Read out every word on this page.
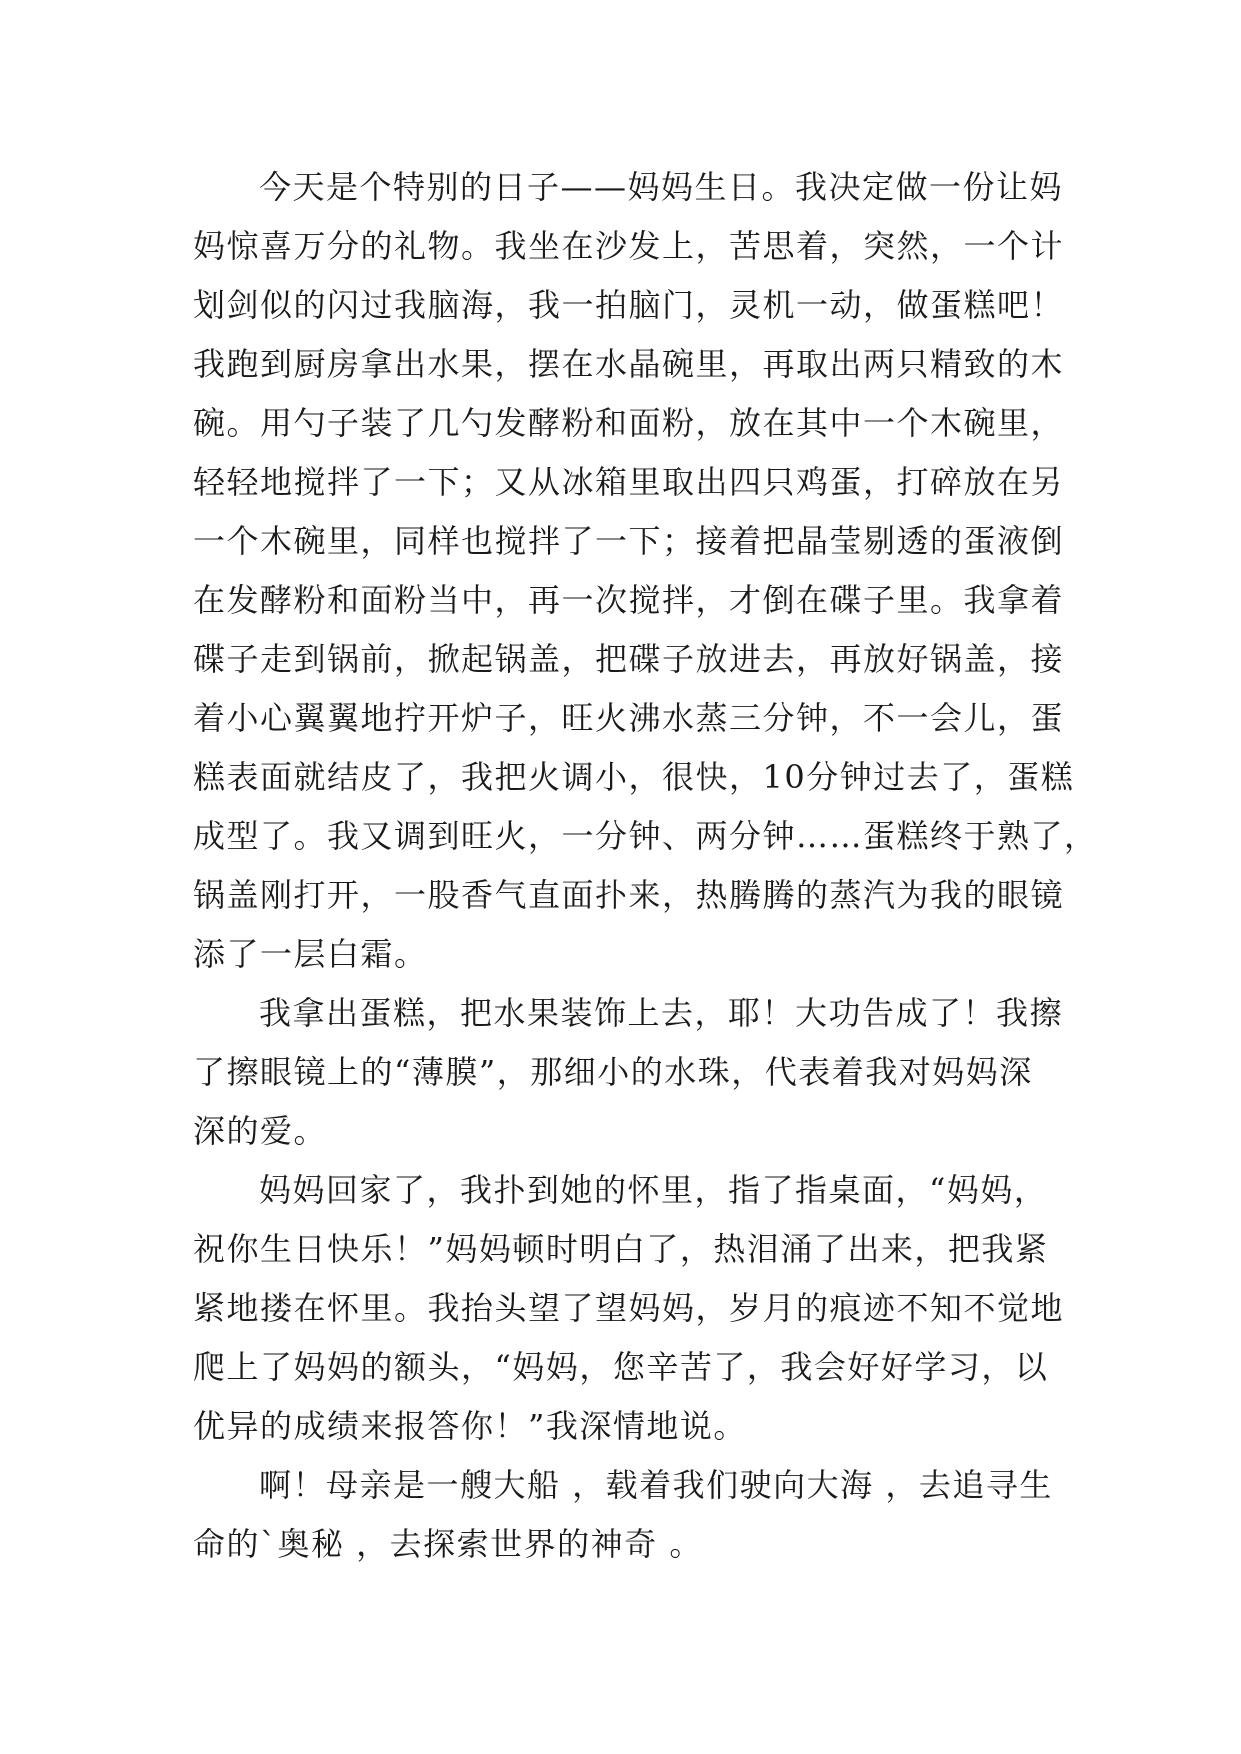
今天是个特别的日子——妈妈生日。我决定做一份让妈
妈惊喜万分的礼物。我坐在沙发上，苦思着，突然，一个计
划剑似的闪过我脑海，我一拍脑门，灵机一动，做蛋糕吧！
我跑到厨房拿出水果，摆在水晶碗里，再取出两只精致的木
碗。用勺子装了几勺发酵粉和面粉，放在其中一个木碗里，
轻轻地搅拌了一下；又从冰箱里取出四只鸡蛋，打碎放在另
一个木碗里，同样也搅拌了一下；接着把晶莹剔透的蛋液倒
在发酵粉和面粉当中，再一次搅拌，才倒在碟子里。我拿着
碟子走到锅前，掀起锅盖，把碟子放进去，再放好锅盖，接
着小心翼翼地拧开炉子，旺火沸水蒸三分钟，不一会儿，蛋
糕表面就结皮了，我把火调小，很快，10分钟过去了，蛋糕
成型了。我又调到旺火，一分钟、两分钟……蛋糕终于熟了，
锅盖刚打开，一股香气直面扑来，热腾腾的蒸汽为我的眼镜
添了一层白霜。
我拿出蛋糕，把水果装饰上去，耶！大功告成了！我擦
了擦眼镜上的“薄膜”，那细小的水珠，代表着我对妈妈深
深的爱。
妈妈回家了，我扑到她的怀里，指了指桌面，“妈妈，
祝你生日快乐！”妈妈顿时明白了，热泪涌了出来，把我紧
紧地搂在怀里。我抬头望了望妈妈，岁月的痕迹不知不觉地
爬上了妈妈的额头，“妈妈，您辛苦了，我会好好学习，以
优异的成绩来报答你！”我深情地说。
啊！母亲是一艘大船 ，载着我们驶向大海 ，去追寻生
命的`奥秘 ，去探索世界的神奇 。
